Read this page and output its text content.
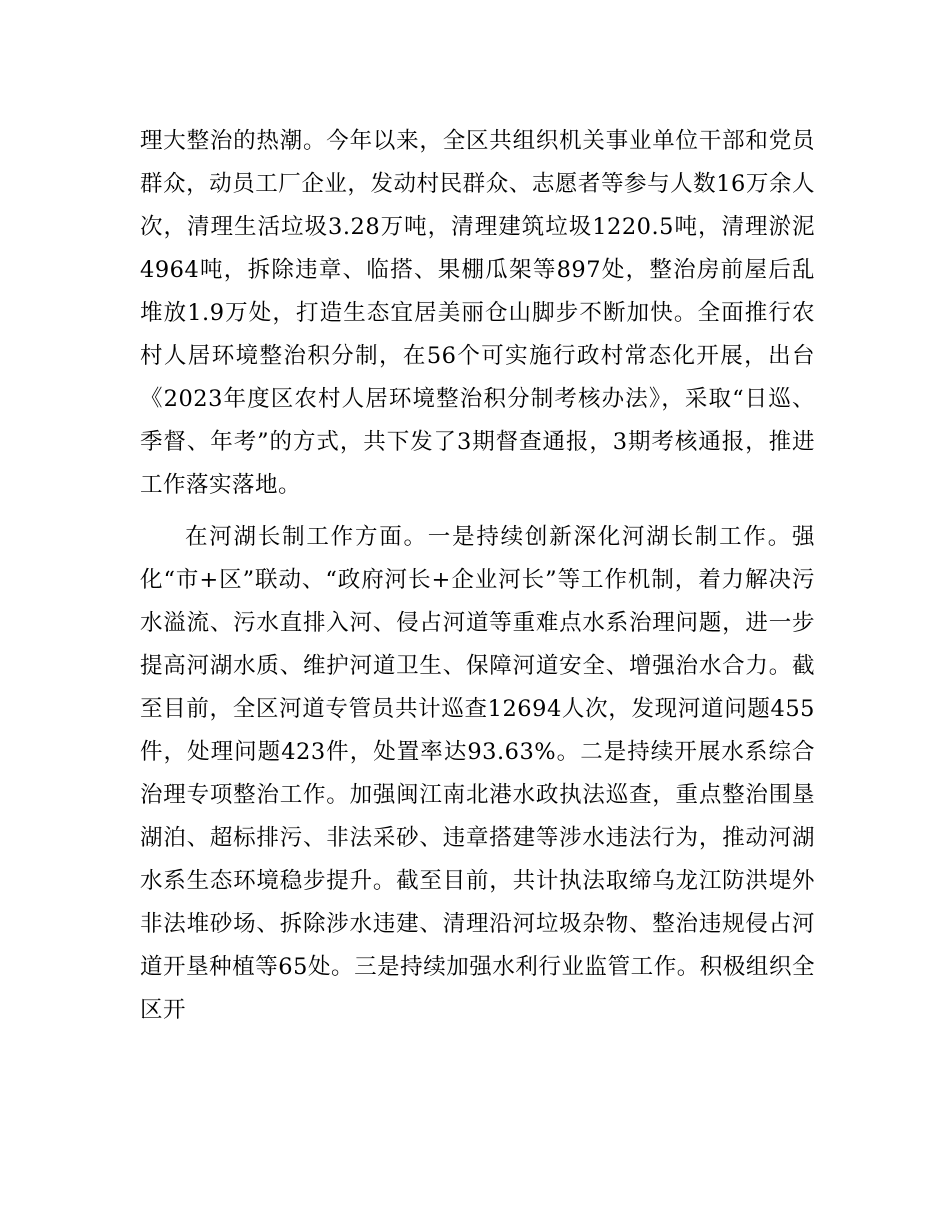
理大整治的热潮。今年以来，全区共组织机关事业单位干部和党员群众，动员工厂企业，发动村民群众、志愿者等参与人数16万余人次，清理生活垃圾3.28万吨，清理建筑垃圾1220.5吨，清理淤泥4964吨，拆除违章、临搭、果棚瓜架等897处，整治房前屋后乱堆放1.9万处，打造生态宜居美丽仓山脚步不断加快。全面推行农村人居环境整治积分制，在56个可实施行政村常态化开展，出台《2023年度区农村人居环境整治积分制考核办法》，采取“日巡、季督、年考”的方式，共下发了3期督查通报，3期考核通报，推进工作落实落地。

在河湖长制工作方面。一是持续创新深化河湖长制工作。强化“市+区”联动、“政府河长+企业河长”等工作机制，着力解决污水溢流、污水直排入河、侵占河道等重难点水系治理问题，进一步提高河湖水质、维护河道卫生、保障河道安全、增强治水合力。截至目前，全区河道专管员共计巡查12694人次，发现河道问题455件，处理问题423件，处置率达93.63%。二是持续开展水系综合治理专项整治工作。加强闽江南北港水政执法巡查，重点整治围垦湖泊、超标排污、非法采砂、违章搭建等涉水违法行为，推动河湖水系生态环境稳步提升。截至目前，共计执法取缔乌龙江防洪堤外非法堆砂场、拆除涉水违建、清理沿河垃圾杂物、整治违规侵占河道开垦种植等65处。三是持续加强水利行业监管工作。积极组织全区开
